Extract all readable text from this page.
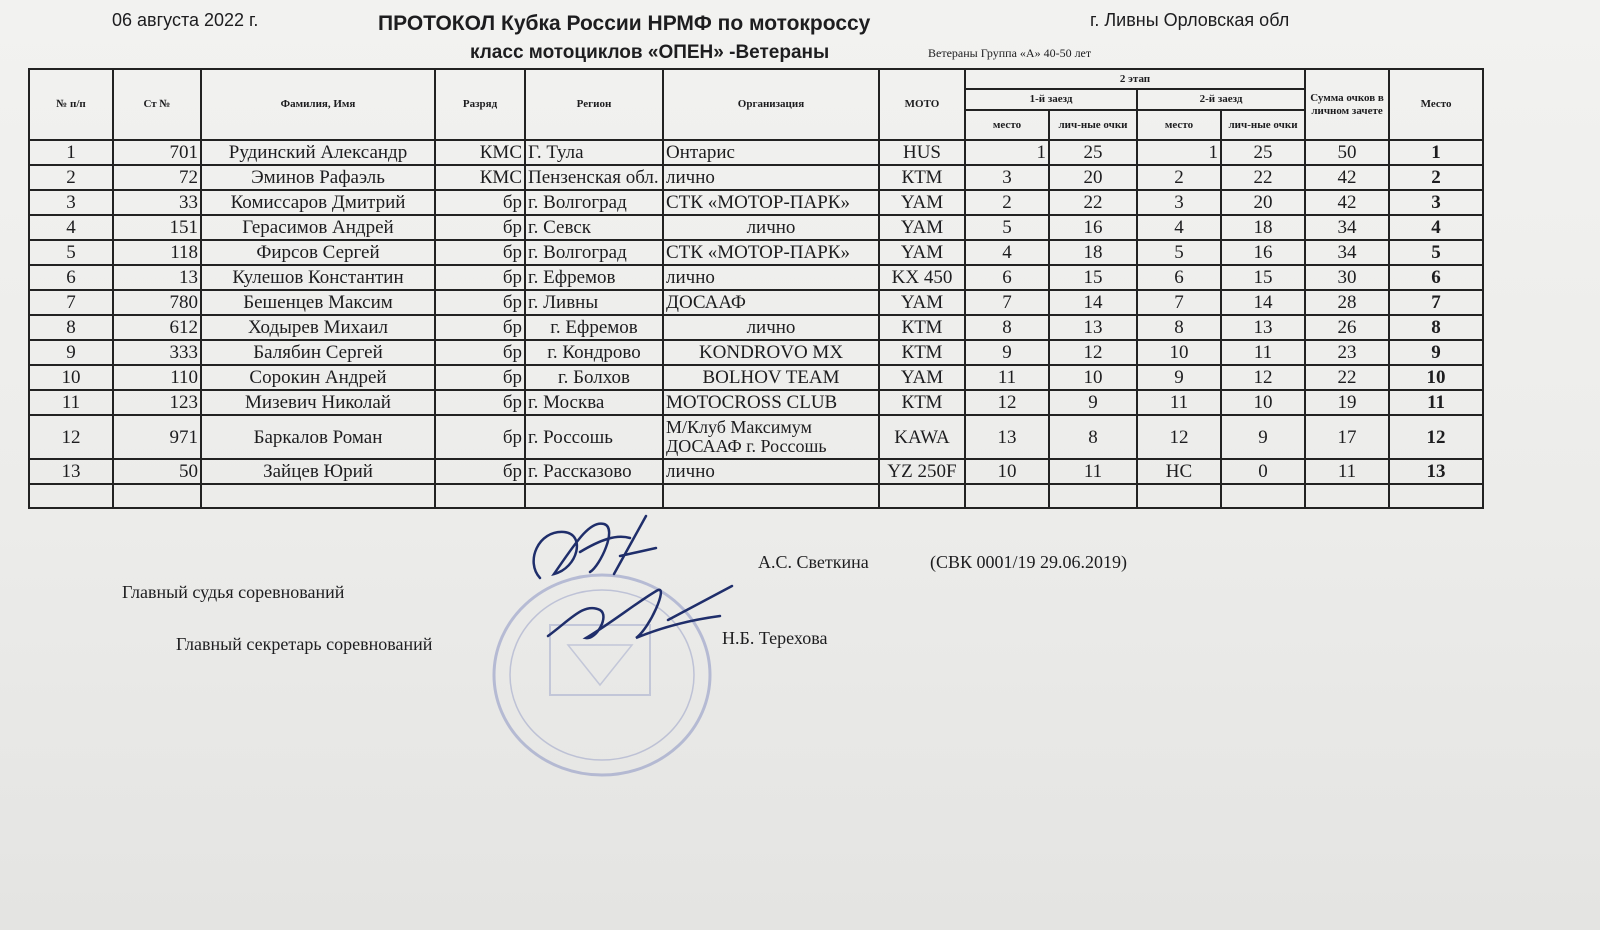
06 августа 2022 г.	ПРОТОКОЛ Кубка России НРМФ по мотокроссу	г. Ливны Орловская обл
класс мотоциклов «ОПЕН» -Ветераны	Ветераны Группа «А» 40-50 лет
№ п/п	Ст №	Фамилия, Имя	Разряд	Регион	Организация	МОТО	2 этап				Сумма очков в личном зачете	Место
							1-й заезд		2-й заезд			
							место	лич-ные очки	место	лич-ные очки		
1	701	Рудинский Александр	КМС	Г. Тула	Онтарис	HUS	1	25	1	25	50	1
2	72	Эминов Рафаэль	КМС	Пензенская обл.	лично	КТМ	3	20	2	22	42	2
3	33	Комиссаров Дмитрий	бр	г. Волгоград	СТК «МОТОР-ПАРК»	YAM	2	22	3	20	42	3
4	151	Герасимов Андрей	бр	г. Севск	лично	YAM	5	16	4	18	34	4
5	118	Фирсов Сергей	бр	г. Волгоград	СТК «МОТОР-ПАРК»	YAM	4	18	5	16	34	5
6	13	Кулешов Константин	бр	г. Ефремов	лично	KX 450	6	15	6	15	30	6
7	780	Бешенцев Максим	бр	г. Ливны	ДОСААФ	YAM	7	14	7	14	28	7
8	612	Ходырев Михаил	бр	г. Ефремов	лично	КТМ	8	13	8	13	26	8
9	333	Балябин Сергей	бр	г. Кондрово	KONDROVO MX	КТМ	9	12	10	11	23	9
10	110	Сорокин Андрей	бр	г. Болхов	BOLHOV TEAM	YAM	11	10	9	12	22	10
11	123	Мизевич Николай	бр	г. Москва	MOTOCROSS CLUB	КТМ	12	9	11	10	19	11
12	971	Баркалов Роман	бр	г. Россошь	М/Клуб Максимум ДОСААФ г. Россошь	KAWA	13	8	12	9	17	12
13	50	Зайцев Юрий	бр	г. Рассказово	лично	YZ 250F	10	11	НС	0	11	13

А.С. Светкина	(СВК 0001/19 29.06.2019)
Главный судья соревнований
Главный секретарь соревнований	Н.Б. Терехова
